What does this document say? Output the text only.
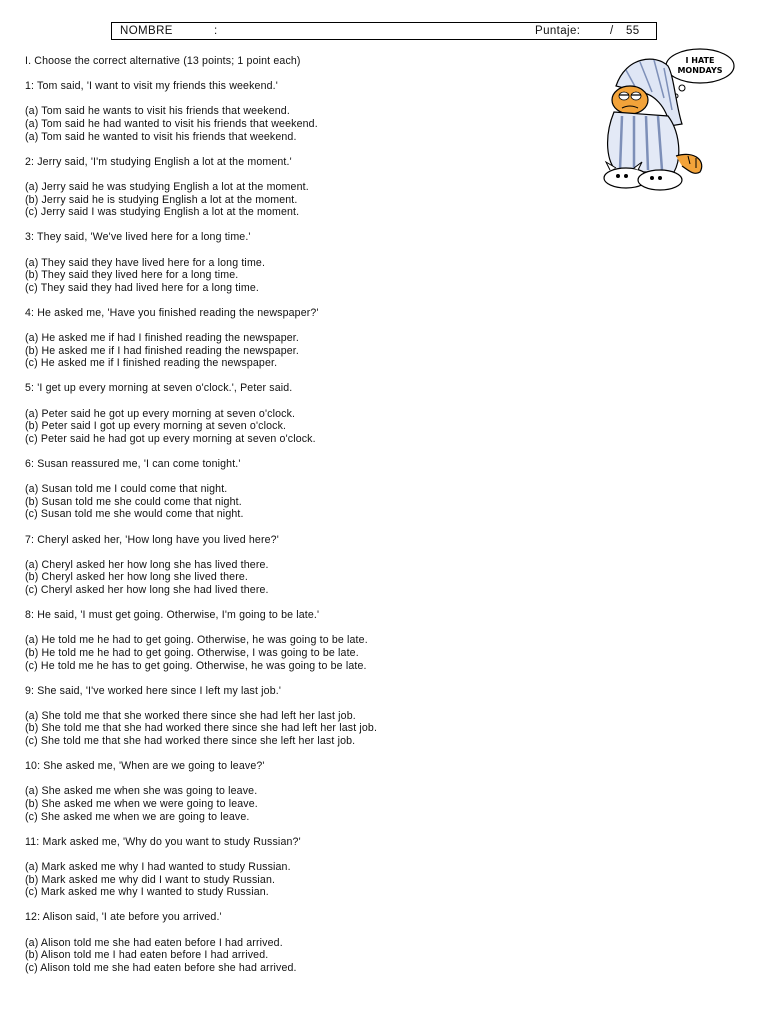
NOMBRE	:	Puntaje:	/ 55
I HATE
MONDAYS
I. Choose the correct alternative (13 points; 1 point each)
1: Tom said, 'I want to visit my friends this weekend.'
(a) Tom said he wants to visit his friends that weekend.
(a) Tom said he had wanted to visit his friends that weekend.
(a) Tom said he wanted to visit his friends that weekend.
2: Jerry said, 'I'm studying English a lot at the moment.'
(a) Jerry said he was studying English a lot at the moment.
(b) Jerry said he is studying English a lot at the moment.
(c) Jerry said I was studying English a lot at the moment.
3: They said, 'We've lived here for a long time.'
(a) They said they have lived here for a long time.
(b) They said they lived here for a long time.
(c) They said they had lived here for a long time.
4: He asked me, 'Have you finished reading the newspaper?'
(a) He asked me if had I finished reading the newspaper.
(b) He asked me if I had finished reading the newspaper.
(c) He asked me if I finished reading the newspaper.
5: 'I get up every morning at seven o'clock.', Peter said.
(a) Peter said he got up every morning at seven o'clock.
(b) Peter said I got up every morning at seven o'clock.
(c) Peter said he had got up every morning at seven o'clock.
6: Susan reassured me, 'I can come tonight.'
(a) Susan told me I could come that night.
(b) Susan told me she could come that night.
(c) Susan told me she would come that night.
7: Cheryl asked her, 'How long have you lived here?'
(a) Cheryl asked her how long she has lived there.
(b) Cheryl asked her how long she lived there.
(c) Cheryl asked her how long she had lived there.
8: He said, 'I must get going. Otherwise, I'm going to be late.'
(a) He told me he had to get going. Otherwise, he was going to be late.
(b) He told me he had to get going. Otherwise, I was going to be late.
(c) He told me he has to get going. Otherwise, he was going to be late.
9: She said, 'I've worked here since I left my last job.'
(a) She told me that she worked there since she had left her last job.
(b) She told me that she had worked there since she had left her last job.
(c) She told me that she had worked there since she left her last job.
10: She asked me, 'When are we going to leave?'
(a) She asked me when she was going to leave.
(b) She asked me when we were going to leave.
(c) She asked me when we are going to leave.
11: Mark asked me, 'Why do you want to study Russian?'
(a) Mark asked me why I had wanted to study Russian.
(b) Mark asked me why did I want to study Russian.
(c) Mark asked me why I wanted to study Russian.
12: Alison said, 'I ate before you arrived.'
(a) Alison told me she had eaten before I had arrived.
(b) Alison told me I had eaten before I had arrived.
(c) Alison told me she had eaten before she had arrived.
